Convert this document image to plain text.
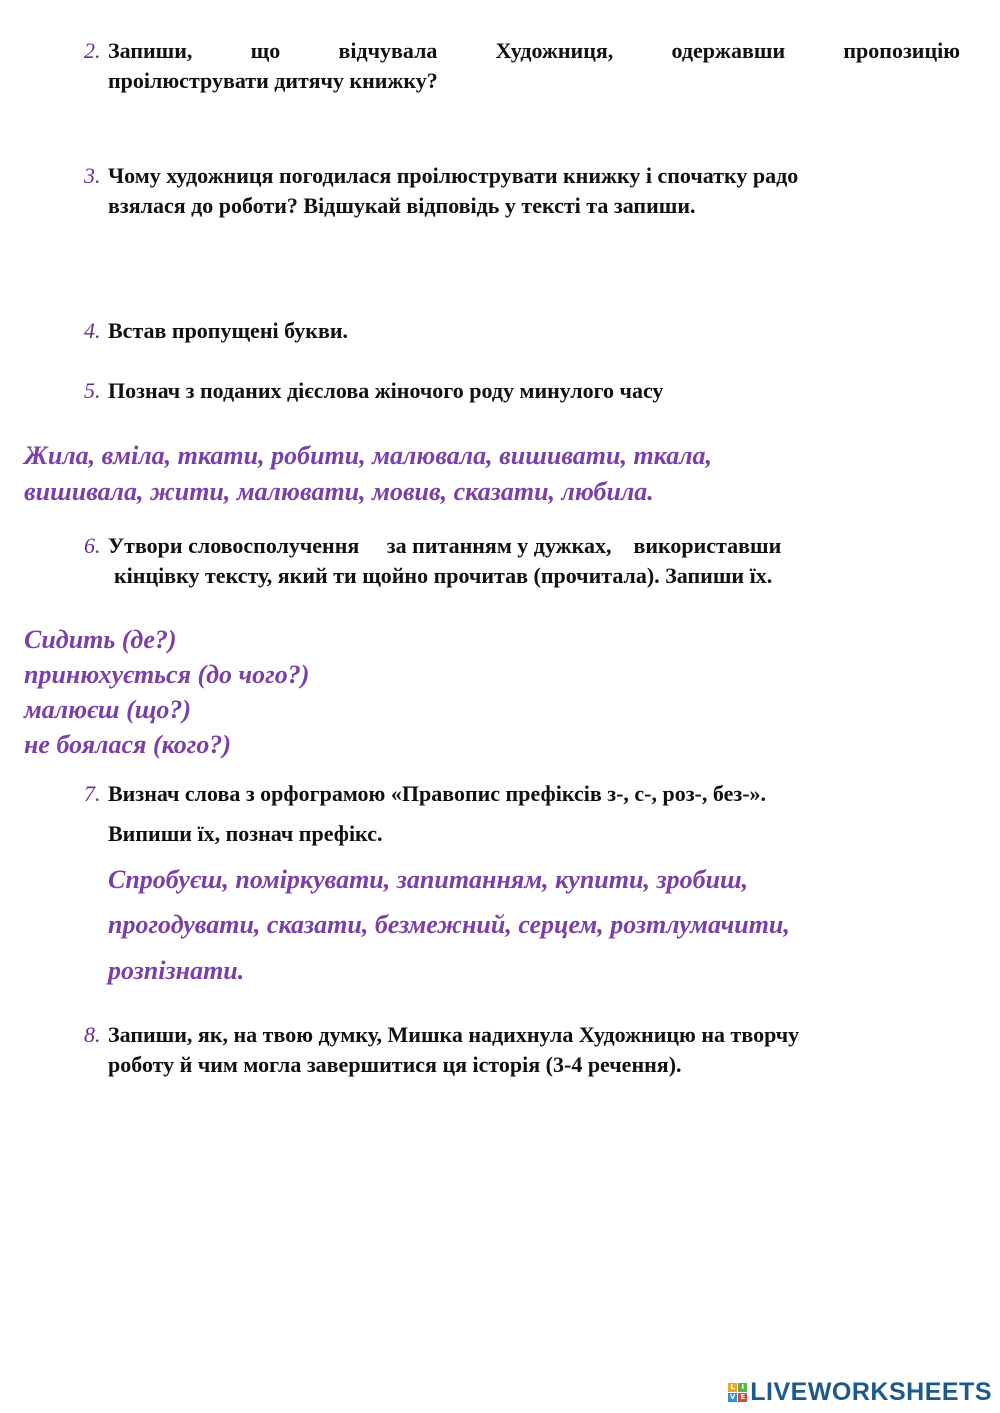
2. Запиши,	що	відчувала	Художниця,	одержавши	пропозицію
проілюструвати дитячу книжку?
3. Чому художниця погодилася проілюструвати книжку і спочатку радо
взялася до роботи? Відшукай відповідь у тексті та запиши.
4. Встав пропущені букви.
5. Познач з поданих дієслова жіночого роду минулого часу
Жила, вміла, ткати, робити, малювала, вишивати, ткала,
вишивала, жити, малювати, мовив, сказати, любила.
6. Утвори словосполучення     за питанням у дужках,    використавши
кінцівку тексту, який ти щойно прочитав (прочитала). Запиши їх.
Сидить (де?)
принюхується (до чого?)
малюєш (що?)
не боялася (кого?)
7. Визнач слова з орфограмою «Правопис префіксів з-, с-, роз-, без-».
Випиши їх, познач префікс.
Спробуєш, поміркувати, запитанням, купити, зробиш,
прогодувати, сказати, безмежний, серцем, розтлумачити,
розпізнати.
8. Запиши, як, на твою думку, Мишка надихнула Художницю на творчу
роботу й чим могла завершитися ця історія (3-4 речення).
L I
V E LIVEWORKSHEETS
